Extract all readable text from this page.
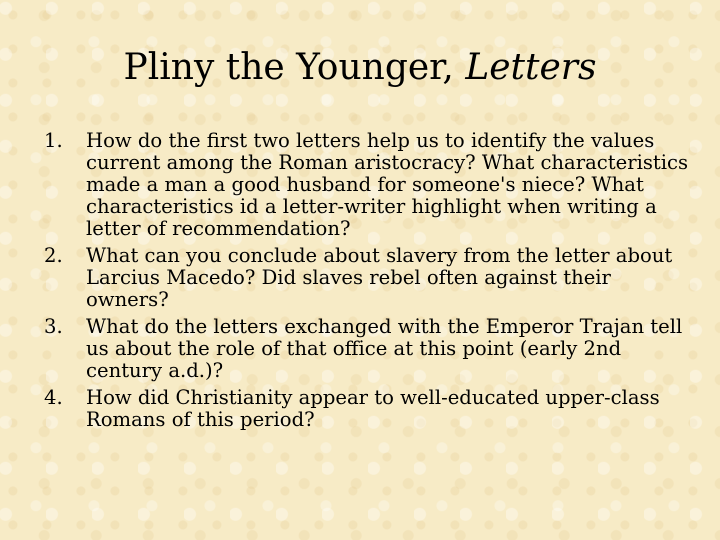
Pliny the Younger, Letters
1.	How do the first two letters help us to identify the values current among the Roman aristocracy? What characteristics made a man a good husband for someone's niece? What characteristics id a letter-writer highlight when writing a letter of recommendation?
2.	What can you conclude about slavery from the letter about Larcius Macedo? Did slaves rebel often against their owners?
3.	What do the letters exchanged with the Emperor Trajan tell us about the role of that office at this point (early 2nd century a.d.)?
4.	How did Christianity appear to well-educated upper-class Romans of this period?
